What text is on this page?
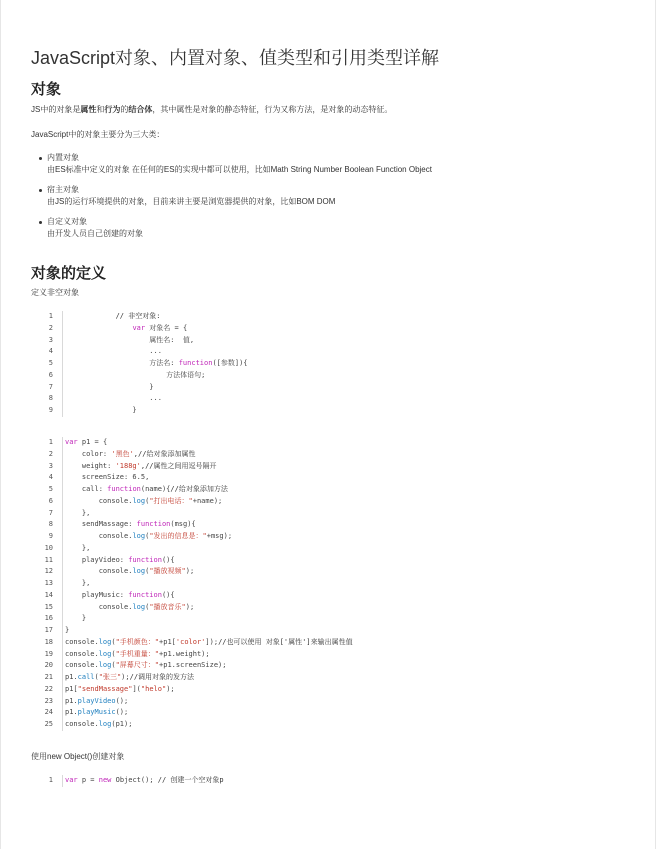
JavaScript对象、内置对象、值类型和引用类型详解
对象

JS中的对象是属性和行为的结合体，其中属性是对象的静态特征，行为又称方法，是对象的动态特征。

JavaScript中的对象主要分为三大类：

内置对象
由ES标准中定义的对象 在任何的ES的实现中都可以使用，比如Math String Number Boolean Function Object
宿主对象
由JS的运行环境提供的对象，目前来讲主要是浏览器提供的对象，比如BOM DOM
自定义对象
由开发人员自己创建的对象
对象的定义

定义非空对象

1 // 非空对象:
2	var 对象名 = {
3 属性名:  值,
4 ...
5 方法名: function([参数]){
6 方法体语句;
7 }
8 ...
9 }
1 var p1 = {
2 color: '黑色',//给对象添加属性
3 weight: '188g',//属性之间用逗号隔开
4 screenSize: 6.5,
5 call: function(name){//给对象添加方法
6 console.log("打出电话："+name);
7 },
8 sendMassage: function(msg){
9 console.log("发出的信息是："+msg);
10 },
11 playVideo: function(){
12 console.log("播放视频");
13 },
14 playMusic: function(){
15 console.log("播放音乐");
16 }
17 }
18 console.log("手机颜色："+p1['color']);//也可以使用 对象['属性']来输出属性值
19 console.log("手机重量："+p1.weight);
20 console.log("屏幕尺寸："+p1.screenSize);
21 p1.call("张三");//调用对象的发方法
22 p1["sendMassage"]("helo");
23 p1.playVideo();
24 p1.playMusic();
25 console.log(p1);

使用new Object()创建对象

1 var p = new Object(); // 创建一个空对象p
